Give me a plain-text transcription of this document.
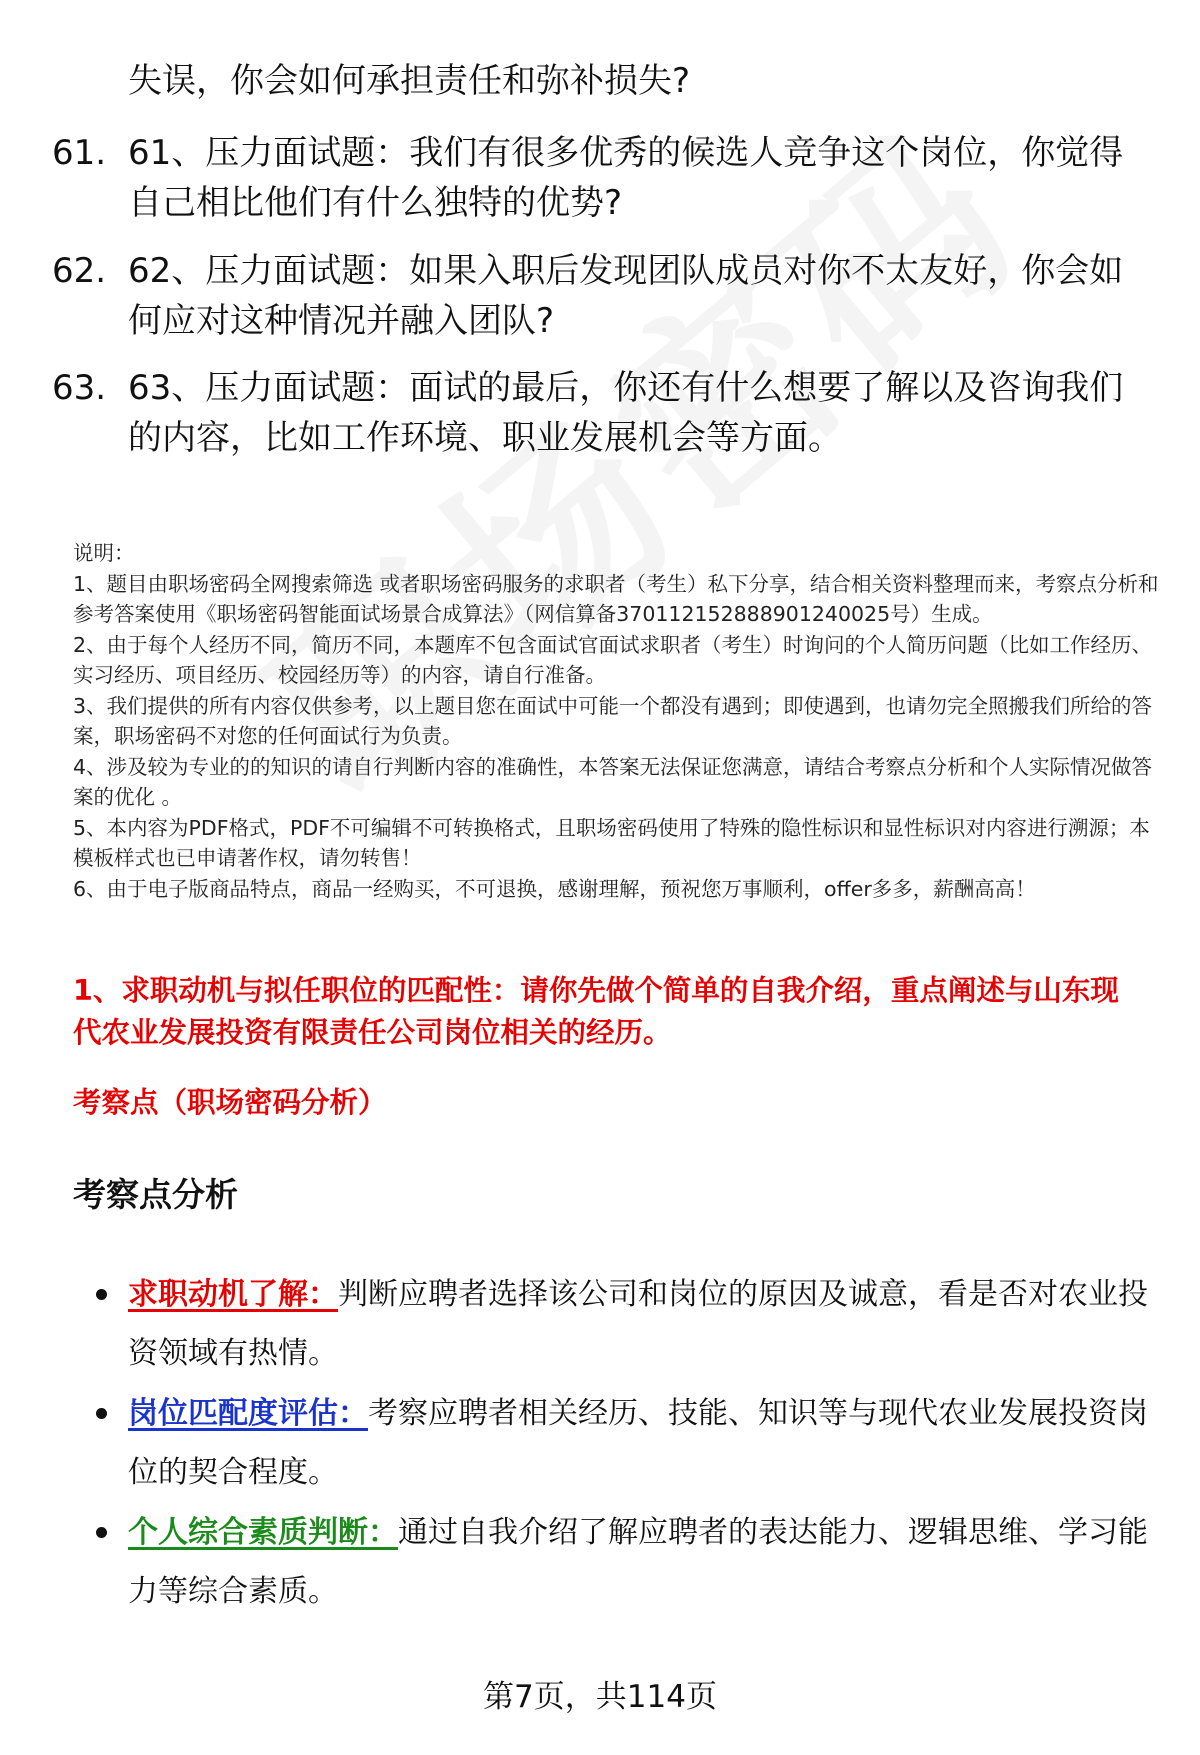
失误，你会如何承担责任和弥补损失?
61. 61、压力面试题：我们有很多优秀的候选人竞争这个岗位，你觉得自己相比他们有什么独特的优势?
62. 62、压力面试题：如果入职后发现团队成员对你不太友好，你会如何应对这种情况并融入团队?
63. 63、压力面试题：面试的最后，你还有什么想要了解以及咨询我们的内容，比如工作环境、职业发展机会等方面。

说明：

1、题目由职场密码全网搜索筛选 或者职场密码服务的求职者（考生）私下分享，结合相关资料整理而来，考察点分析和参考答案使用《职场密码智能面试场景合成算法》（网信算备370112152888901240025号）生成。

2、由于每个人经历不同，简历不同，本题库不包含面试官面试求职者（考生）时询问的个人简历问题（比如工作经历、实习经历、项目经历、校园经历等）的内容，请自行准备。

3、我们提供的所有内容仅供参考，以上题目您在面试中可能一个都没有遇到；即使遇到，也请勿完全照搬我们所给的答案，职场密码不对您的任何面试行为负责。

4、涉及较为专业的的知识的请自行判断内容的准确性，本答案无法保证您满意，请结合考察点分析和个人实际情况做答案的优化 。

5、本内容为PDF格式，PDF不可编辑不可转换格式，且职场密码使用了特殊的隐性标识和显性标识对内容进行溯源；本模板样式也已申请著作权，请勿转售！

6、由于电子版商品特点，商品一经购买，不可退换，感谢理解，预祝您万事顺利，offer多多，薪酬高高！

1、求职动机与拟任职位的匹配性：请你先做个简单的自我介绍，重点阐述与山东现代农业发展投资有限责任公司岗位相关的经历。
考察点（职场密码分析）
考察点分析
求职动机了解：判断应聘者选择该公司和岗位的原因及诚意，看是否对农业投资领域有热情。
岗位匹配度评估：考察应聘者相关经历、技能、知识等与现代农业发展投资岗位的契合程度。
个人综合素质判断：通过自我介绍了解应聘者的表达能力、逻辑思维、学习能力等综合素质。
第7页，共114页
